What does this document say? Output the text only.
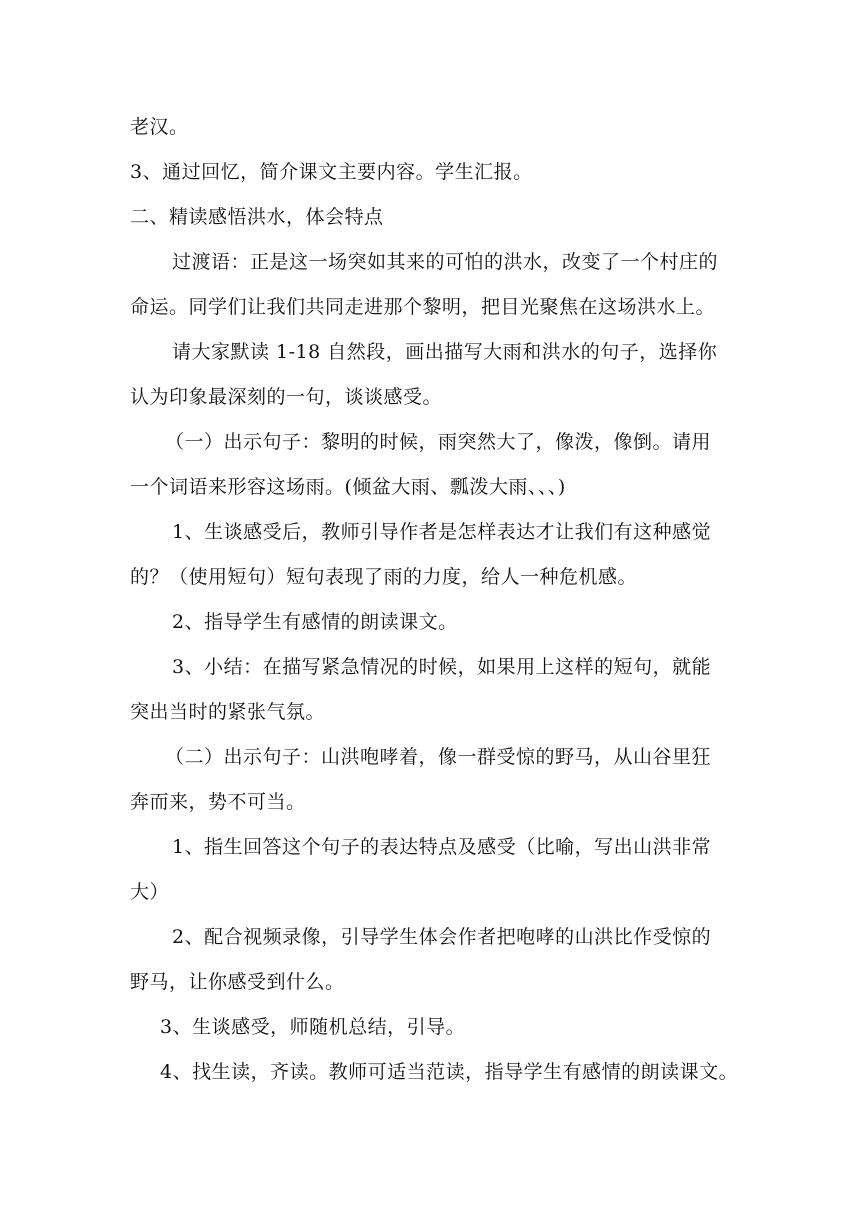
老汉。
3、通过回忆，简介课文主要内容。学生汇报。
二、精读感悟洪水，体会特点
过渡语：正是这一场突如其来的可怕的洪水，改变了一个村庄的
命运。同学们让我们共同走进那个黎明，把目光聚焦在这场洪水上。
请大家默读 1-18 自然段，画出描写大雨和洪水的句子，选择你
认为印象最深刻的一句，谈谈感受。
（一）出示句子：黎明的时候，雨突然大了，像泼，像倒。请用
一个词语来形容这场雨。(倾盆大雨、瓢泼大雨、、、)
1、生谈感受后，教师引导作者是怎样表达才让我们有这种感觉
的？（使用短句）短句表现了雨的力度，给人一种危机感。
2、指导学生有感情的朗读课文。
3、小结：在描写紧急情况的时候，如果用上这样的短句，就能
突出当时的紧张气氛。
（二）出示句子：山洪咆哮着，像一群受惊的野马，从山谷里狂
奔而来，势不可当。
1、指生回答这个句子的表达特点及感受（比喻，写出山洪非常
大）
2、配合视频录像，引导学生体会作者把咆哮的山洪比作受惊的
野马，让你感受到什么。
3、生谈感受，师随机总结，引导。
4、找生读，齐读。教师可适当范读，指导学生有感情的朗读课文。
